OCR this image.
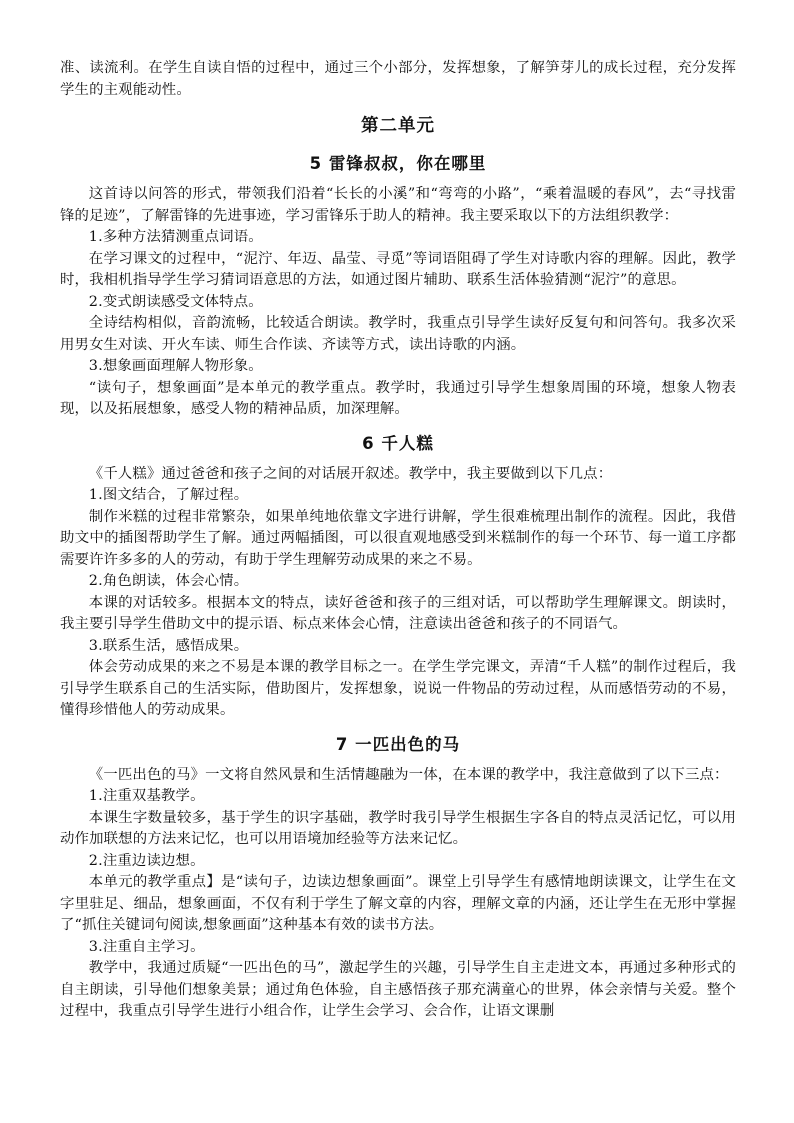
准、读流利。在学生自读自悟的过程中，通过三个小部分，发挥想象，了解笋芽儿的成长过程，充分发挥学生的主观能动性。

第二单元
5 雷锋叔叔，你在哪里

这首诗以问答的形式，带领我们沿着“长长的小溪”和“弯弯的小路”，“乘着温暖的春风”，去“寻找雷锋的足迹”，了解雷锋的先进事迹，学习雷锋乐于助人的精神。我主要采取以下的方法组织教学：

1.多种方法猜测重点词语。

在学习课文的过程中，“泥泞、年迈、晶莹、寻觅”等词语阻碍了学生对诗歌内容的理解。因此，教学时，我相机指导学生学习猜词语意思的方法，如通过图片辅助、联系生活体验猜测“泥泞”的意思。

2.变式朗读感受文体特点。

全诗结构相似，音韵流畅，比较适合朗读。教学时，我重点引导学生读好反复句和问答句。我多次采用男女生对读、开火车读、师生合作读、齐读等方式，读出诗歌的内涵。

3.想象画面理解人物形象。

“读句子，想象画面”是本单元的教学重点。教学时，我通过引导学生想象周围的环境，想象人物表现，以及拓展想象，感受人物的精神品质，加深理解。

6 千人糕

《千人糕》通过爸爸和孩子之间的对话展开叙述。教学中，我主要做到以下几点：

1.图文结合，了解过程。

制作米糕的过程非常繁杂，如果单纯地依靠文字进行讲解，学生很难梳理出制作的流程。因此，我借助文中的插图帮助学生了解。通过两幅插图，可以很直观地感受到米糕制作的每一个环节、每一道工序都需要许许多多的人的劳动，有助于学生理解劳动成果的来之不易。

2.角色朗读，体会心情。

本课的对话较多。根据本文的特点，读好爸爸和孩子的三组对话，可以帮助学生理解课文。朗读时，我主要引导学生借助文中的提示语、标点来体会心情，注意读出爸爸和孩子的不同语气。

3.联系生活，感悟成果。

体会劳动成果的来之不易是本课的教学目标之一。在学生学完课文，弄清“千人糕”的制作过程后，我引导学生联系自己的生活实际，借助图片，发挥想象，说说一件物品的劳动过程，从而感悟劳动的不易，懂得珍惜他人的劳动成果。

7 一匹出色的马

《一匹出色的马》一文将自然风景和生活情趣融为一体，在本课的教学中，我注意做到了以下三点：

1.注重双基教学。

本课生字数量较多，基于学生的识字基础，教学时我引导学生根据生字各自的特点灵活记忆，可以用动作加联想的方法来记忆，也可以用语境加经验等方法来记忆。

2.注重边读边想。

本单元的教学重点】是“读句子，边读边想象画面”。课堂上引导学生有感情地朗读课文，让学生在文字里驻足、细品，想象画面，不仅有利于学生了解文章的内容，理解文章的内涵，还让学生在无形中掌握了“抓住关键词句阅读,想象画面”这种基本有效的读书方法。

3.注重自主学习。

教学中，我通过质疑“一匹出色的马”，激起学生的兴趣，引导学生自主走进文本，再通过多种形式的自主朗读，引导他们想象美景；通过角色体验，自主感悟孩子那充满童心的世界，体会亲情与关爱。整个过程中，我重点引导学生进行小组合作，让学生会学习、会合作，让语文课删
